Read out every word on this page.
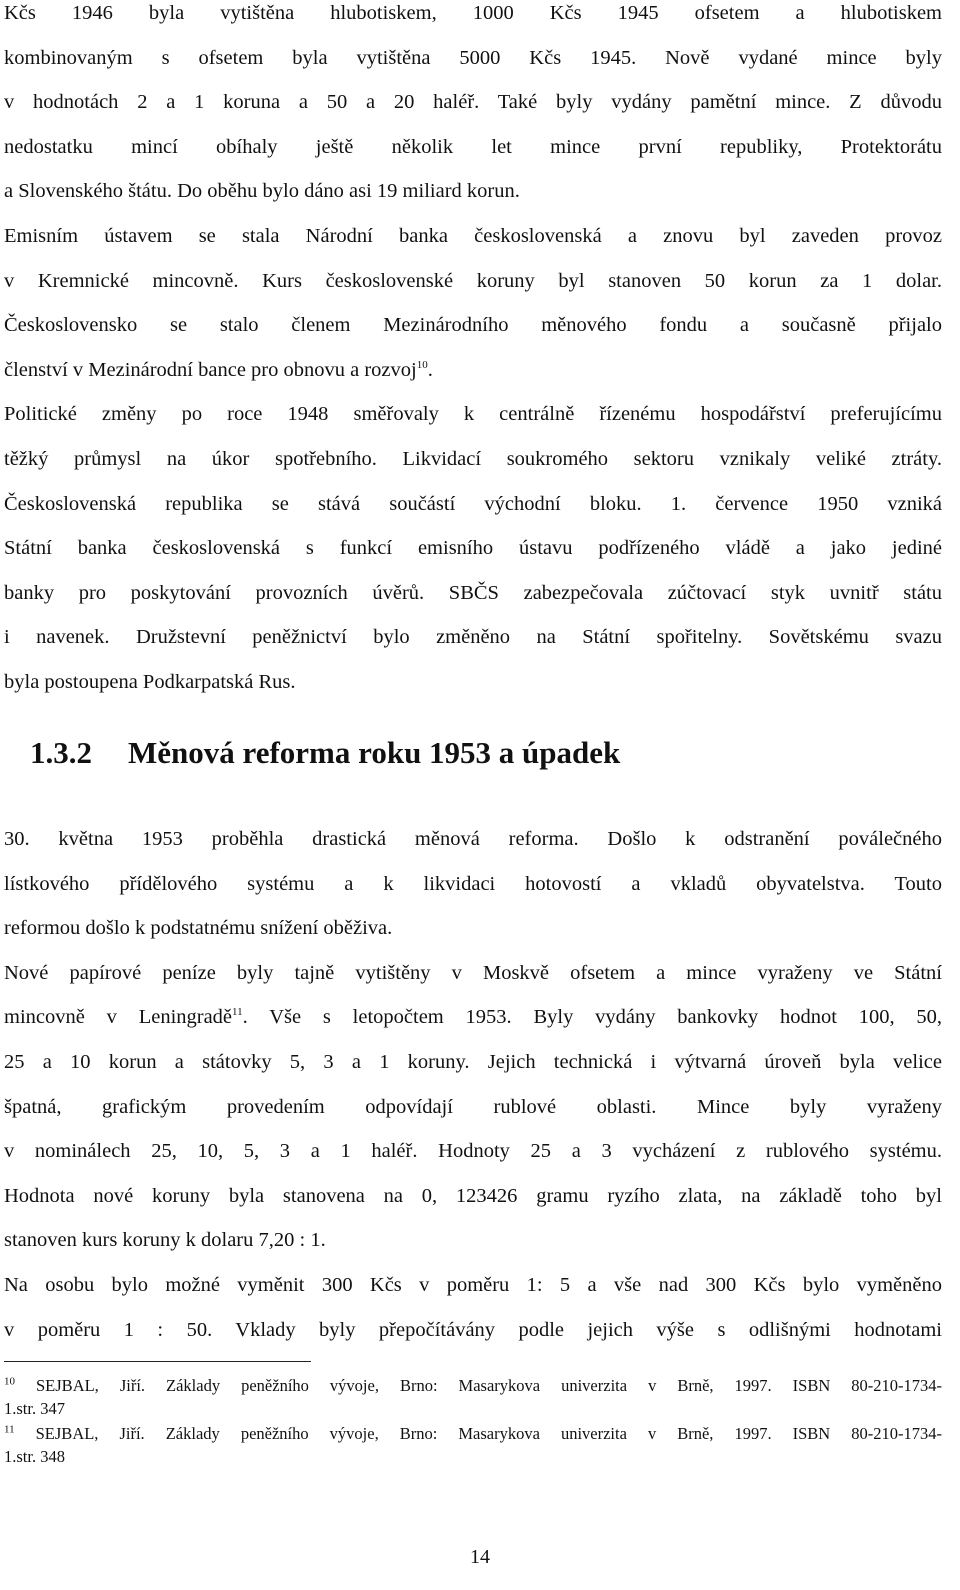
Kčs 1946 byla vytištěna hlubotiskem, 1000 Kčs 1945 ofsetem a hlubotiskem
kombinovaným s ofsetem byla vytištěna 5000 Kčs 1945. Nově vydané mince byly
v hodnotách 2 a 1 koruna a 50 a 20 haléř. Také byly vydány pamětní mince. Z důvodu
nedostatku mincí obíhaly ještě několik let mince první republiky, Protektorátu
a Slovenského štátu. Do oběhu bylo dáno asi 19 miliard korun.
Emisním ústavem se stala Národní banka československá a znovu byl zaveden provoz
v Kremnické mincovně. Kurs československé koruny byl stanoven 50 korun za 1 dolar.
Československo se stalo členem Mezinárodního měnového fondu a současně přijalo
členství v Mezinárodní bance pro obnovu a rozvoj$^{10}$.
Politické změny po roce 1948 směřovaly k centrálně řízenému hospodářství preferujícímu
těžký průmysl na úkor spotřebního. Likvidací soukromého sektoru vznikaly veliké ztráty.
Československá republika se stává součástí východní bloku. 1. července 1950 vzniká
Státní banka československá s funkcí emisního ústavu podřízeného vládě a jako jediné
banky pro poskytování provozních úvěrů. SBČS zabezpečovala zúčtovací styk uvnitř státu
i navenek. Družstevní peněžnictví bylo změněno na Státní spořitelny. Sovětskému svazu
byla postoupena Podkarpatská Rus.
1.3.2 Měnová reforma roku 1953 a úpadek
30. května 1953 proběhla drastická měnová reforma. Došlo k odstranění poválečného
lístkového přídělového systému a k likvidaci hotovostí a vkladů obyvatelstva. Touto
reformou došlo k podstatnému snížení oběživa.
Nové papírové peníze byly tajně vytištěny v Moskvě ofsetem a mince vyraženy ve Státní
mincovně v Leningradě$^{11}$. Vše s letopočtem 1953. Byly vydány bankovky hodnot 100, 50,
25 a 10 korun a státovky 5, 3 a 1 koruny. Jejich technická i výtvarná úroveň byla velice
špatná, grafickým provedením odpovídají rublové oblasti. Mince byly vyraženy
v nominálech 25, 10, 5, 3 a 1 haléř. Hodnoty 25 a 3 vycházení z rublového systému.
Hodnota nové koruny byla stanovena na 0, 123426 gramu ryzího zlata, na základě toho byl
stanoven kurs koruny k dolaru 7,20 : 1.
Na osobu bylo možné vyměnit 300 Kčs v poměru 1: 5 a vše nad 300 Kčs bylo vyměněno
v poměru 1 : 50. Vklady byly přepočítávány podle jejich výše s odlišnými hodnotami
$^{10}$ SEJBAL, Jiří. Základy peněžního vývoje, Brno: Masarykova univerzita v Brně, 1997. ISBN 80-210-1734-
1.str. 347
$^{11}$ SEJBAL, Jiří. Základy peněžního vývoje, Brno: Masarykova univerzita v Brně, 1997. ISBN 80-210-1734-
1.str. 348
14
